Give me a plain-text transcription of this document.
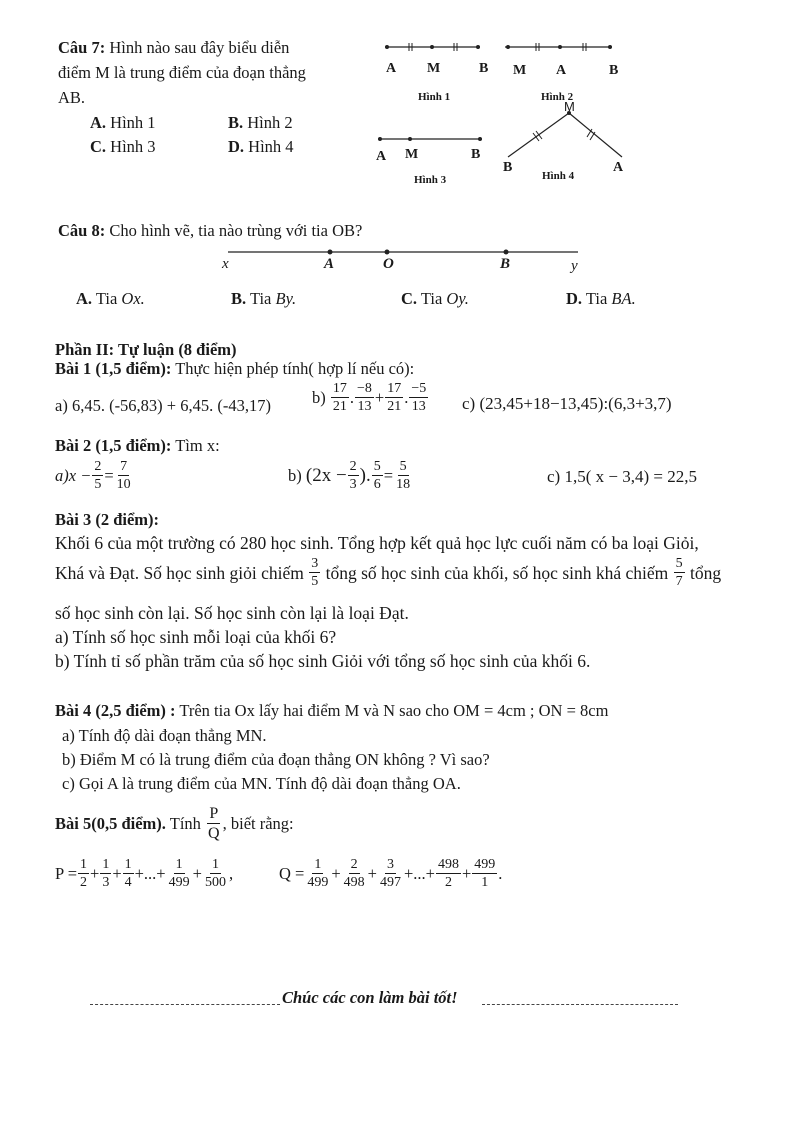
Câu 7: Hình nào sau đây biểu diễn
điểm M là trung điểm của đoạn thẳng
AB.
A. Hình 1	B. Hình 2
C. Hình 3	D. Hình 4
A M	B
Hình 1
M A	B
Hình 2
A M	B
Hình 3
M
B	A
Hình 4
Câu 8: Cho hình vẽ, tia nào trùng với tia OB?
x	A	O	B	y
A. Tia Ox.	B. Tia By.	C. Tia Oy.	D. Tia BA.
Phần II: Tự luận (8 điểm)
Bài 1 (1,5 điểm): Thực hiện phép tính( hợp lí nếu có):
a) 6,45. (-56,83) + 6,45. (-43,17) b)
$\frac{17}{21}$ . $\frac{-8}{13} + \frac{17}{21}$ . $\frac{-5}{13} c$) (23,45+18−13,45):(6,3+3,7)
Bài 2 (1,5 điểm): Tìm x:
$a)x - \frac{2}{5} = \frac{7}{10}$	b)
($2x - \frac{2}{3}$ ). $\frac{5}{6} = \frac{5}{18}$	c) 1,5( x − 3,4) = 22,5
Bài 3 (2 điểm):
Khối 6 của một trường có 280 học sinh. Tổng hợp kết quả học lực cuối năm có ba loại Giỏi,
Khá và Đạt. Số học sinh giỏi chiếm $\frac{3}{5}$ tổng số học sinh của khối, số học sinh khá chiếm $\frac{5}{7}$ tổng
số học sinh còn lại. Số học sinh còn lại là loại Đạt.
a) Tính số học sinh mỗi loại của khối 6?
b) Tính tỉ số phần trăm của số học sinh Giỏi với tổng số học sinh của khối 6.
Bài 4 (2,5 điểm) : Trên tia Ox lấy hai điểm M và N sao cho OM = 4cm ; ON = 8cm
a) Tính độ dài đoạn thẳng MN.
b) Điểm M có là trung điểm của đoạn thẳng ON không ? Vì sao?
c) Gọi A là trung điểm của MN. Tính độ dài đoạn thẳng OA.
Bài 5(0,5 điểm). Tính $\frac{P}{Q}$ , biết rằng:
$P = \frac{1}{2} + \frac{1}{3} + \frac{1}{4}$ +...+ $\frac{1}{499} + \frac{1}{500}$ ,	$Q = \frac{1}{499} + \frac{2}{498} + \frac{3}{497}$ +...+ $\frac{498}{2} + \frac{499}{1}$ .
Chúc các con làm bài tốt!
